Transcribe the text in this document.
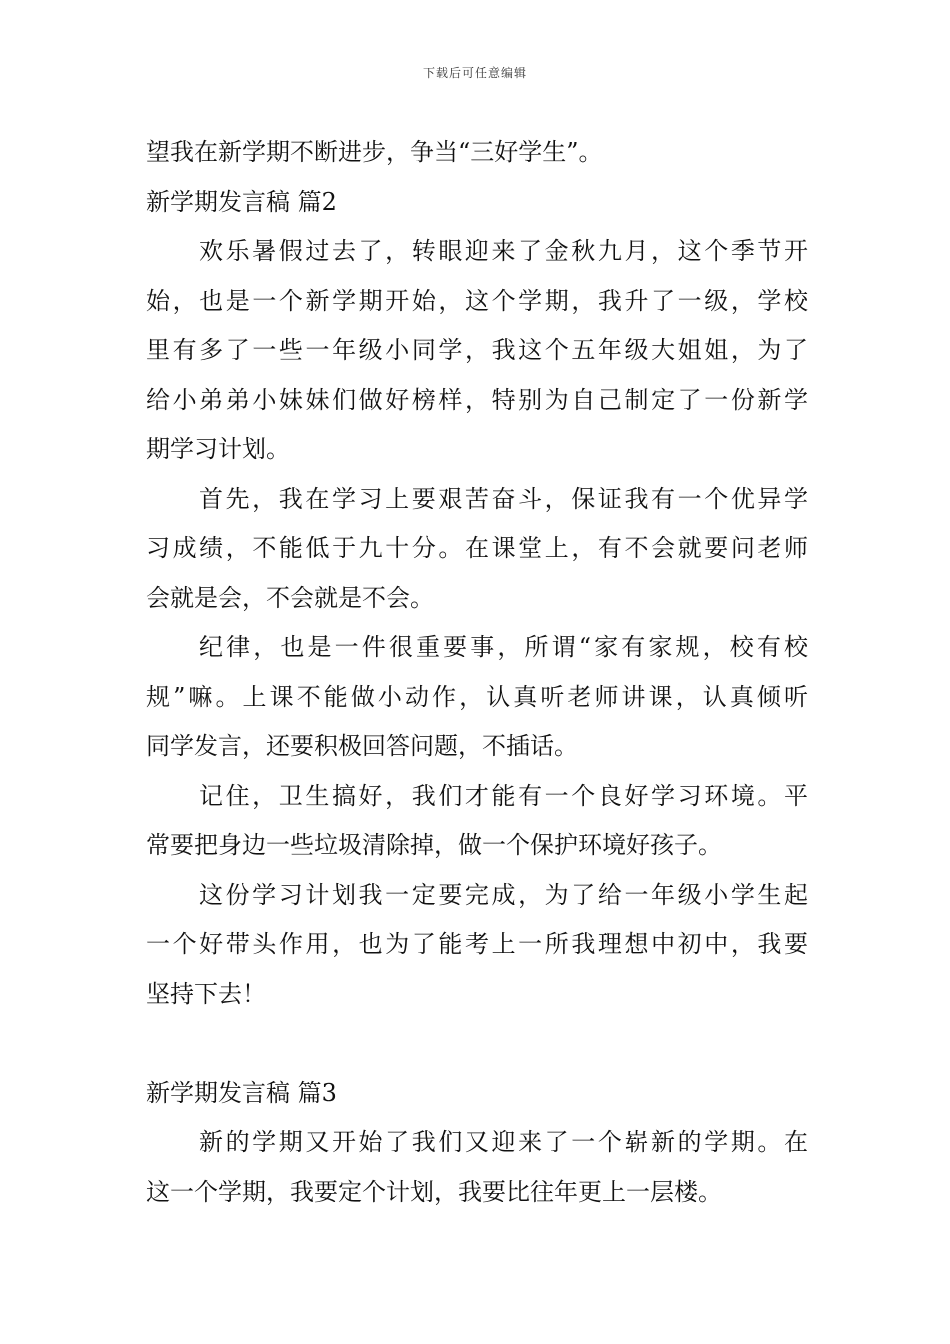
下载后可任意编辑
望我在新学期不断进步，争当“三好学生”。
新学期发言稿 篇2
欢乐暑假过去了，转眼迎来了金秋九月，这个季节开
始，也是一个新学期开始，这个学期，我升了一级，学校
里有多了一些一年级小同学，我这个五年级大姐姐，为了
给小弟弟小妹妹们做好榜样，特别为自己制定了一份新学
期学习计划。
首先，我在学习上要艰苦奋斗，保证我有一个优异学
习成绩，不能低于九十分。在课堂上，有不会就要问老师
会就是会，不会就是不会。
纪律，也是一件很重要事，所谓“家有家规，校有校
规”嘛。上课不能做小动作，认真听老师讲课，认真倾听
同学发言，还要积极回答问题，不插话。
记住，卫生搞好，我们才能有一个良好学习环境。平
常要把身边一些垃圾清除掉，做一个保护环境好孩子。
这份学习计划我一定要完成，为了给一年级小学生起
一个好带头作用，也为了能考上一所我理想中初中，我要
坚持下去！
新学期发言稿 篇3
新的学期又开始了我们又迎来了一个崭新的学期。在
这一个学期，我要定个计划，我要比往年更上一层楼。
